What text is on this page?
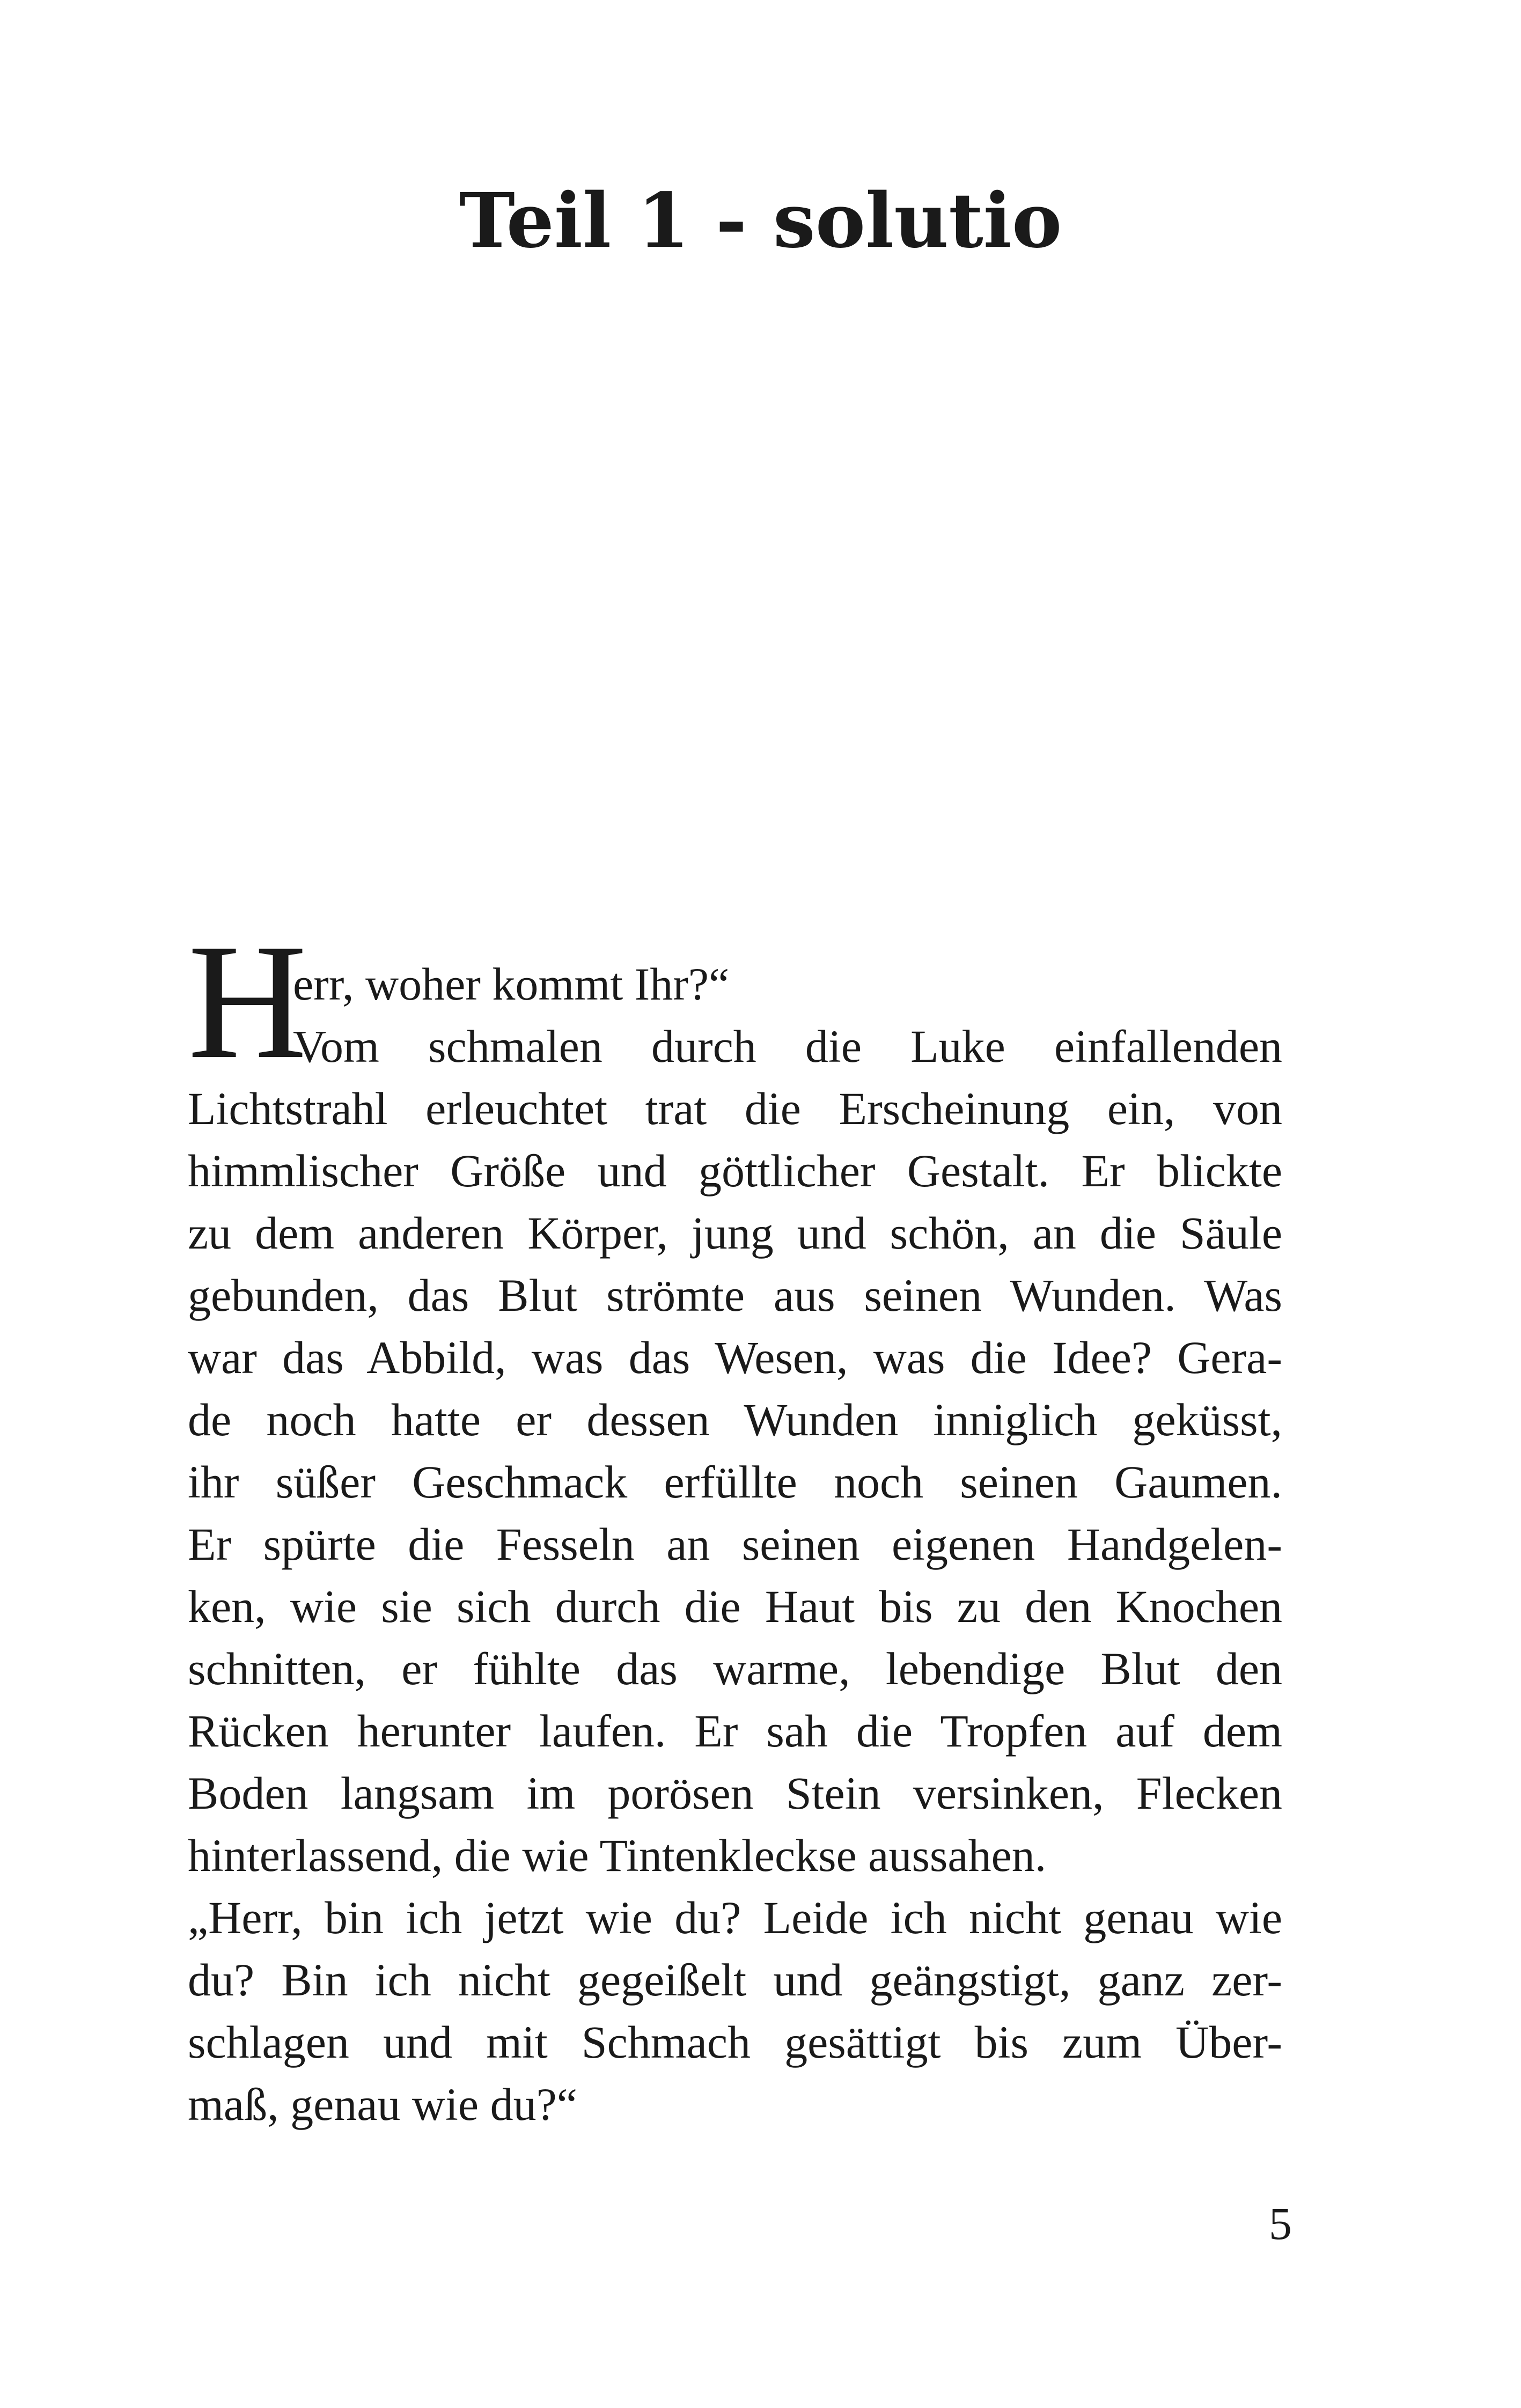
Teil 1 - solutio
H
err, woher kommt Ihr?“
Vom schmalen durch die Luke einfallenden
Lichtstrahl erleuchtet trat die Erscheinung ein, von
himmlischer Größe und göttlicher Gestalt. Er blickte
zu dem anderen Körper, jung und schön, an die Säule
gebunden, das Blut strömte aus seinen Wunden. Was
war das Abbild, was das Wesen, was die Idee? Gera-
de noch hatte er dessen Wunden inniglich geküsst,
ihr süßer Geschmack erfüllte noch seinen Gaumen.
Er spürte die Fesseln an seinen eigenen Handgelen-
ken, wie sie sich durch die Haut bis zu den Knochen
schnitten, er fühlte das warme, lebendige Blut den
Rücken herunter laufen. Er sah die Tropfen auf dem
Boden langsam im porösen Stein versinken, Flecken
hinterlassend, die wie Tintenkleckse aussahen.
„Herr, bin ich jetzt wie du? Leide ich nicht genau wie
du? Bin ich nicht gegeißelt und geängstigt, ganz zer-
schlagen und mit Schmach gesättigt bis zum Über-
maß, genau wie du?“
5
